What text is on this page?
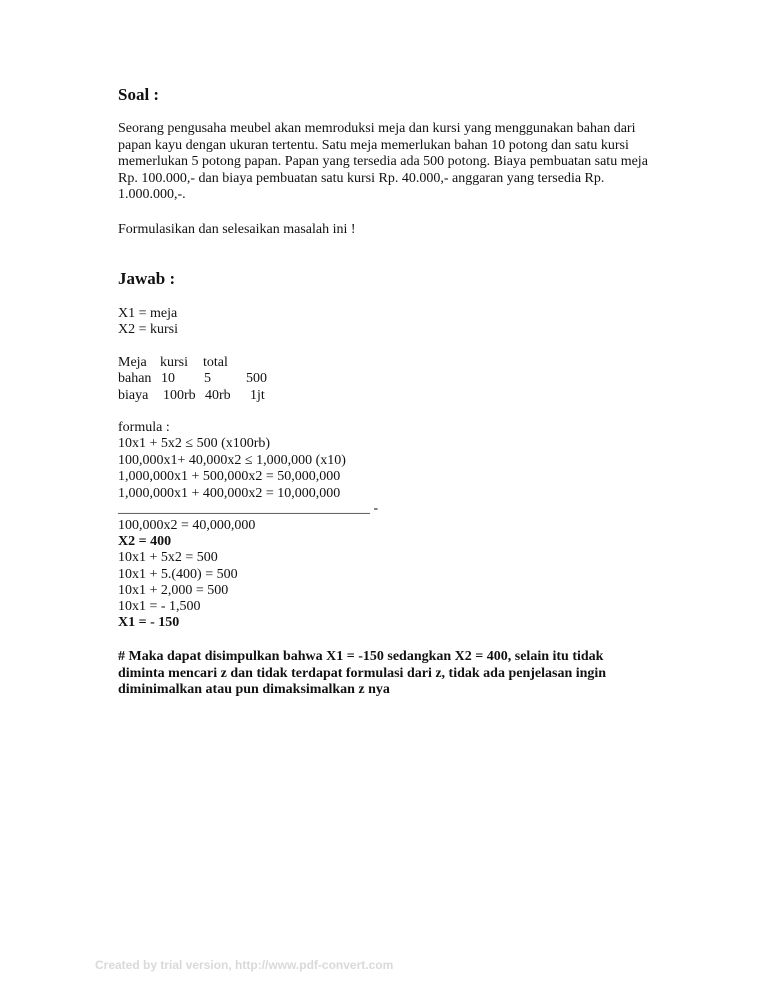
Soal :

Seorang pengusaha meubel akan memroduksi meja dan kursi yang menggunakan bahan dari papan kayu dengan ukuran tertentu. Satu meja memerlukan bahan 10 potong dan satu kursi memerlukan 5 potong papan. Papan yang tersedia ada 500 potong. Biaya pembuatan satu meja Rp. 100.000,- dan biaya pembuatan satu kursi Rp. 40.000,- anggaran yang tersedia Rp. 1.000.000,-.

Formulasikan dan selesaikan masalah ini !

Jawab :

X1 = meja

X2 = kursi

Meja kursi total
bahan 10 5	500
biaya 100rb 40rb 1jt

formula :

10x1 + 5x2 ≤ 500 (x100rb)

100,000x1+ 40,000x2 ≤ 1,000,000 (x10)

1,000,000x1 + 500,000x2 = 50,000,000

1,000,000x1 + 400,000x2 = 10,000,000

____________________________________ -

100,000x2 = 40,000,000

X2 = 400

10x1 + 5x2 = 500

10x1 + 5.(400) = 500

10x1 + 2,000 = 500

10x1 = - 1,500

X1 = - 150

# Maka dapat disimpulkan bahwa X1 = -150 sedangkan X2 = 400, selain itu tidak diminta mencari z dan tidak terdapat formulasi dari z, tidak ada penjelasan ingin diminimalkan atau pun dimaksimalkan z nya

Created by trial version, http://www.pdf-convert.com
